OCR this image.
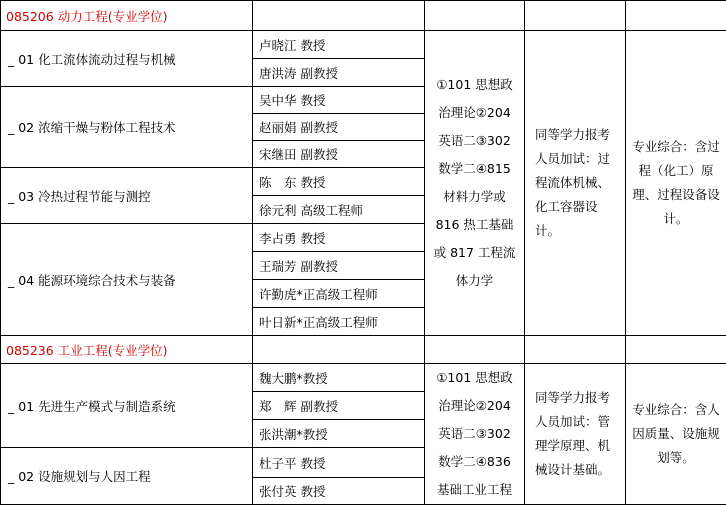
085206 动力工程(专业学位)				
_ 01 化工流体流动过程与机械	卢晓江 教授	①101 思想政治理论②204 英语二③302 数学二④815 材料力学或 816 热工基础或 817 工程流体力学	同等学力报考人员加试：过程流体机械、化工容器设计。	专业综合：含过程（化工）原理、过程设备设计。
	唐洪涛 副教授			
_ 02 浓缩干燥与粉体工程技术	吴中华 教授			
	赵丽娟 副教授			
	宋继田 副教授			
_ 03 冷热过程节能与测控	陈　东 教授			
	徐元利 高级工程师			
_ 04 能源环境综合技术与装备	李占勇 教授			
	王瑞芳 副教授			
	许勤虎*正高级工程师			
	叶日新*正高级工程师			
085236 工业工程(专业学位)				
_ 01 先进生产模式与制造系统	魏大鹏*教授	①101 思想政治理论②204 英语二③302 数学二④836 基础工业工程	同等学力报考人员加试：管理学原理、机械设计基础。	专业综合：含人因质量、设施规划等。
	郑　辉 副教授			
	张洪潮*教授			
_ 02 设施规划与人因工程	杜子平 教授			
	张付英 教授			
